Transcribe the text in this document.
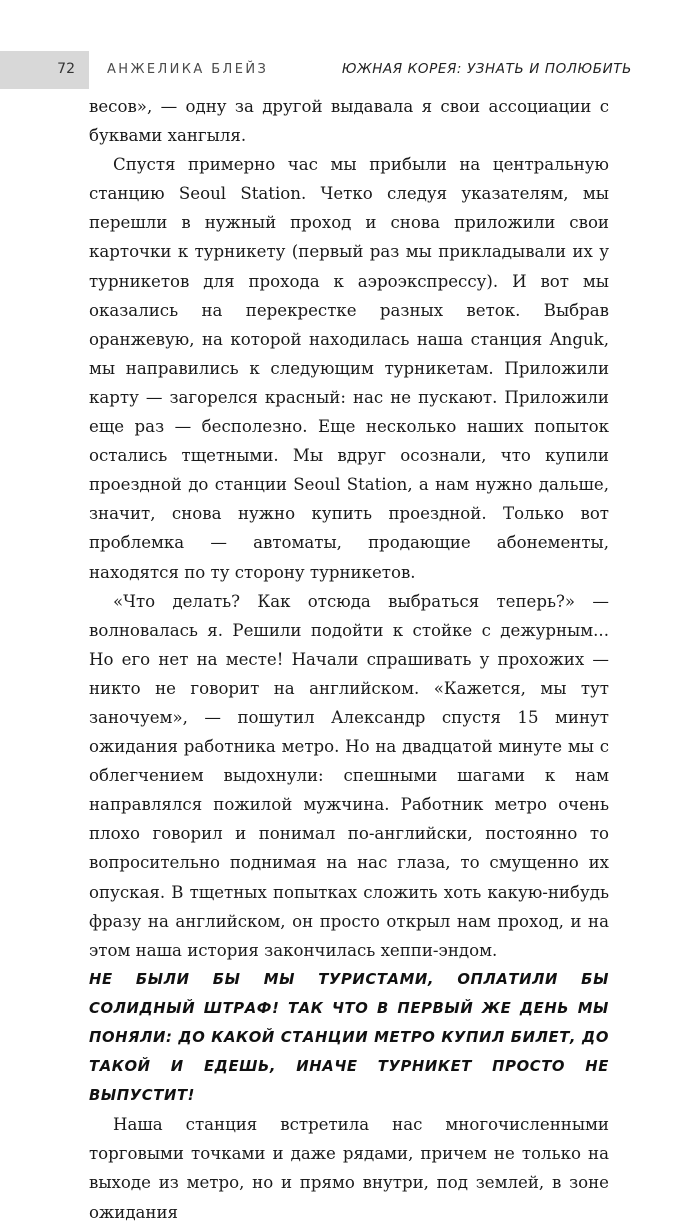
72 АНЖЕЛИКА БЛЕЙЗ	ЮЖНАЯ КОРЕЯ: УЗНАТЬ И ПОЛЮБИТЬ

весов», — одну за другой выдавала я свои ассоциации с буквами хангыля.

Спустя примерно час мы прибыли на центральную станцию Seoul Station. Четко следуя указателям, мы перешли в нужный проход и снова приложили свои карточки к турникету (первый раз мы прикладывали их у турникетов для прохода к аэроэкспрессу). И вот мы оказались на перекрестке разных веток. Выбрав оранжевую, на которой находилась наша станция Anguk, мы направились к следующим турникетам. Приложили карту — загорелся красный: нас не пускают. Приложили еще раз — бесполезно. Еще несколько наших попыток остались тщетными. Мы вдруг осознали, что купили проездной до станции Seoul Station, а нам нужно дальше, значит, снова нужно купить проездной. Только вот проблемка — автоматы, продающие абонементы, находятся по ту сторону турникетов.

«Что делать? Как отсюда выбраться теперь?» — волновалась я. Решили подойти к стойке с дежурным... Но его нет на месте! Начали спрашивать у прохожих — никто не говорит на английском. «Кажется, мы тут заночуем», — пошутил Александр спустя 15 минут ожидания работника метро. Но на двадцатой минуте мы с облегчением выдохнули: спешными шагами к нам направлялся пожилой мужчина. Работник метро очень плохо говорил и понимал по-английски, постоянно то вопросительно поднимая на нас глаза, то смущенно их опуская. В тщетных попытках сложить хоть какую-нибудь фразу на английском, он просто открыл нам проход, и на этом наша история закончилась хеппи-эндом.

НЕ БЫЛИ БЫ МЫ ТУРИСТАМИ, ОПЛАТИЛИ БЫ СОЛИДНЫЙ ШТРАФ! ТАК ЧТО В ПЕРВЫЙ ЖЕ ДЕНЬ МЫ ПОНЯЛИ: ДО КАКОЙ СТАНЦИИ МЕТРО КУПИЛ БИЛЕТ, ДО ТАКОЙ И ЕДЕШЬ, ИНАЧЕ ТУРНИКЕТ ПРОСТО НЕ ВЫПУСТИТ!

Наша станция встретила нас многочисленными торговыми точками и даже рядами, причем не только на выходе из метро, но и прямо внутри, под землей, в зоне ожидания
